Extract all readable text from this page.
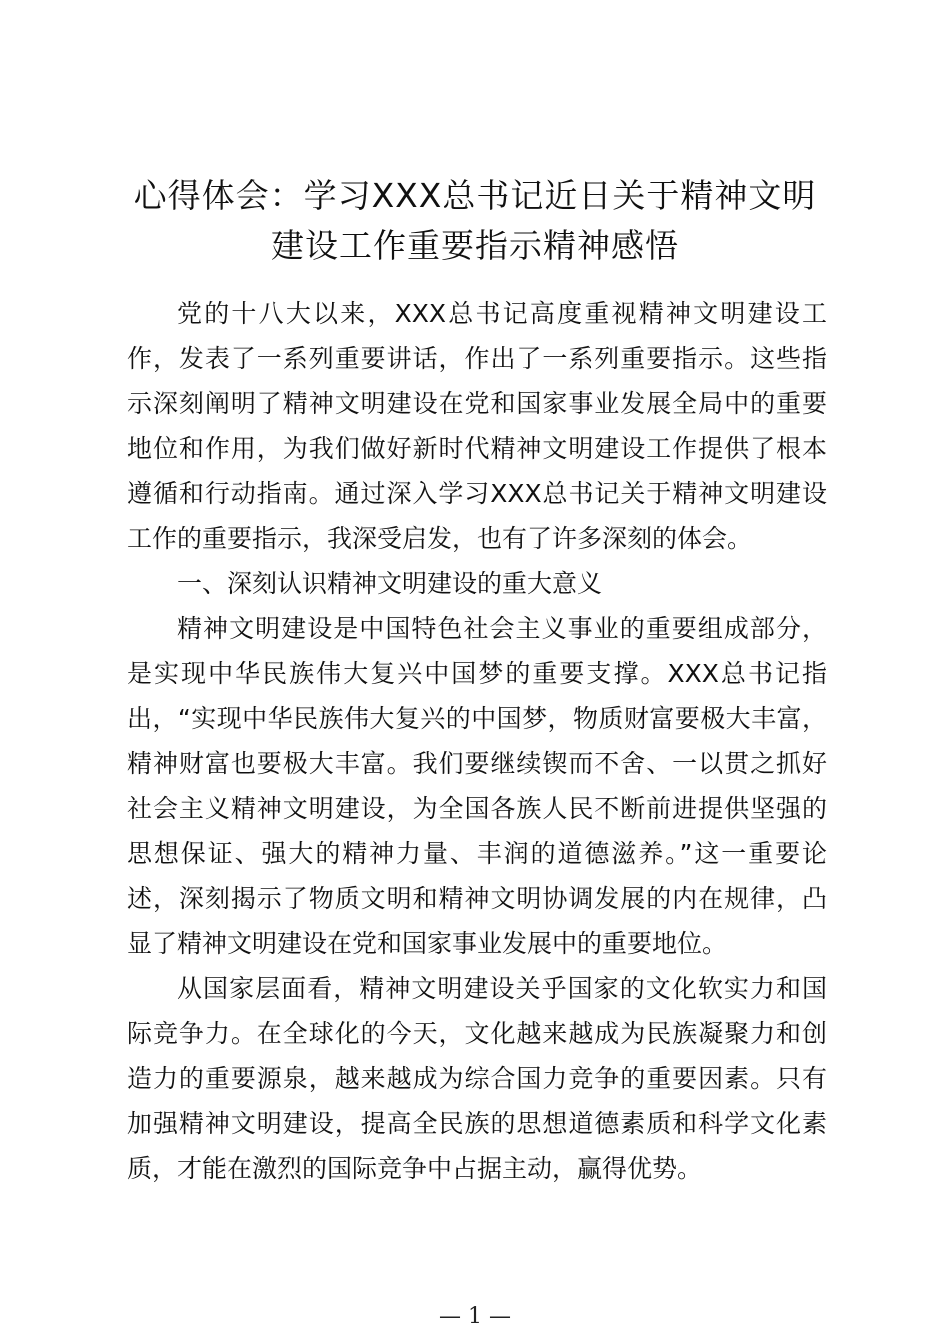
心得体会：学习XXX总书记近日关于精神文明
建设工作重要指示精神感悟
党的十八大以来，XXX总书记高度重视精神文明建设工
作，发表了一系列重要讲话，作出了一系列重要指示。这些指
示深刻阐明了精神文明建设在党和国家事业发展全局中的重要
地位和作用，为我们做好新时代精神文明建设工作提供了根本
遵循和行动指南。通过深入学习XXX总书记关于精神文明建设
工作的重要指示，我深受启发，也有了许多深刻的体会。
一、深刻认识精神文明建设的重大意义
精神文明建设是中国特色社会主义事业的重要组成部分，
是实现中华民族伟大复兴中国梦的重要支撑。XXX总书记指
出，“实现中华民族伟大复兴的中国梦，物质财富要极大丰富，
精神财富也要极大丰富。我们要继续锲而不舍、一以贯之抓好
社会主义精神文明建设，为全国各族人民不断前进提供坚强的
思想保证、强大的精神力量、丰润的道德滋养。”这一重要论
述，深刻揭示了物质文明和精神文明协调发展的内在规律，凸
显了精神文明建设在党和国家事业发展中的重要地位。
从国家层面看，精神文明建设关乎国家的文化软实力和国
际竞争力。在全球化的今天，文化越来越成为民族凝聚力和创
造力的重要源泉，越来越成为综合国力竞争的重要因素。只有
加强精神文明建设，提高全民族的思想道德素质和科学文化素
质，才能在激烈的国际竞争中占据主动，赢得优势。
— 1 —
